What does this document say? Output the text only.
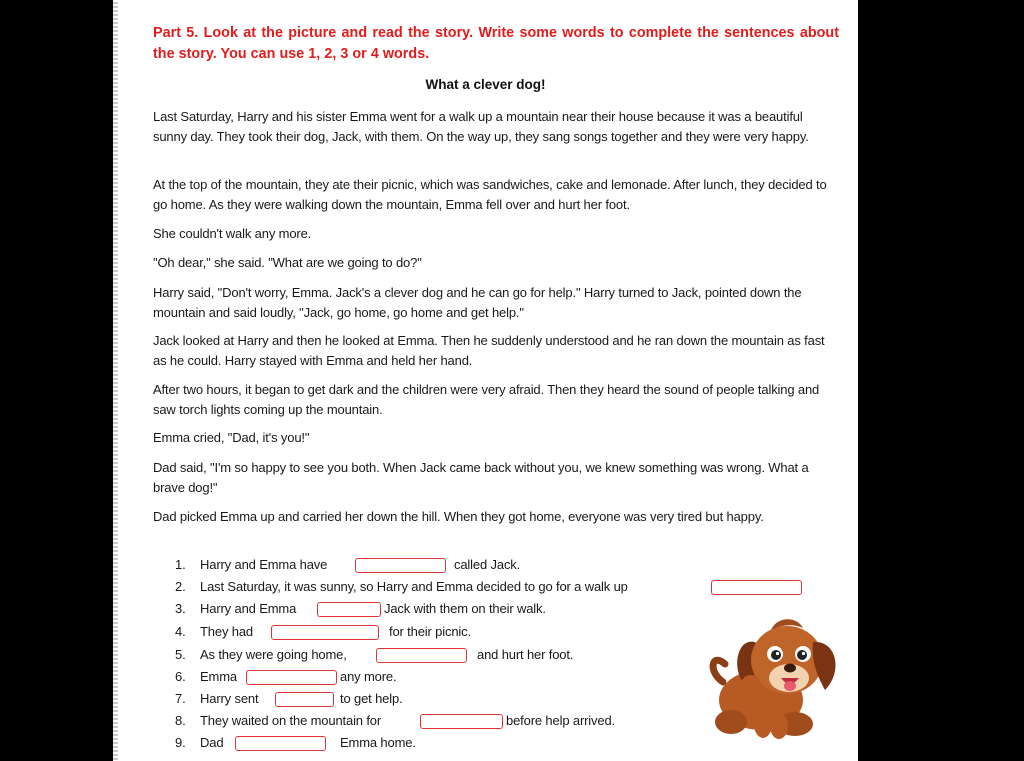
Part 5. Look at the picture and read the story. Write some words to complete the sentences about the story. You can use 1, 2, 3 or 4 words.
What a clever dog!

Last Saturday, Harry and his sister Emma went for a walk up a mountain near their house because it was a beautiful sunny day. They took their dog, Jack, with them. On the way up, they sang songs together and they were very happy.

At the top of the mountain, they ate their picnic, which was sandwiches, cake and lemonade. After lunch, they decided to go home. As they were walking down the mountain, Emma fell over and hurt her foot.

She couldn't walk any more.

"Oh dear," she said. "What are we going to do?"

Harry said, "Don't worry, Emma. Jack's a clever dog and he can go for help." Harry turned to Jack, pointed down the mountain and said loudly, "Jack, go home, go home and get help."

Jack looked at Harry and then he looked at Emma. Then he suddenly understood and he ran down the mountain as fast as he could. Harry stayed with Emma and held her hand.

After two hours, it began to get dark and the children were very afraid. Then they heard the sound of people talking and saw torch lights coming up the mountain.

Emma cried, "Dad, it's you!"

Dad said, "I'm so happy to see you both. When Jack came back without you, we knew something was wrong. What a brave dog!"

Dad picked Emma up and carried her down the hill. When they got home, everyone was very tired but happy.

1. Harry and Emma have	called Jack.
2. Last Saturday, it was sunny, so Harry and Emma decided to go for a walk up
3. Harry and Emma	Jack with them on their walk.
4. They had	for their picnic.
5. As they were going home,	and hurt her foot.
6. Emma	any more.
7. Harry sent	to get help.
8. They waited on the mountain for	before help arrived.
9. Dad	Emma home.
